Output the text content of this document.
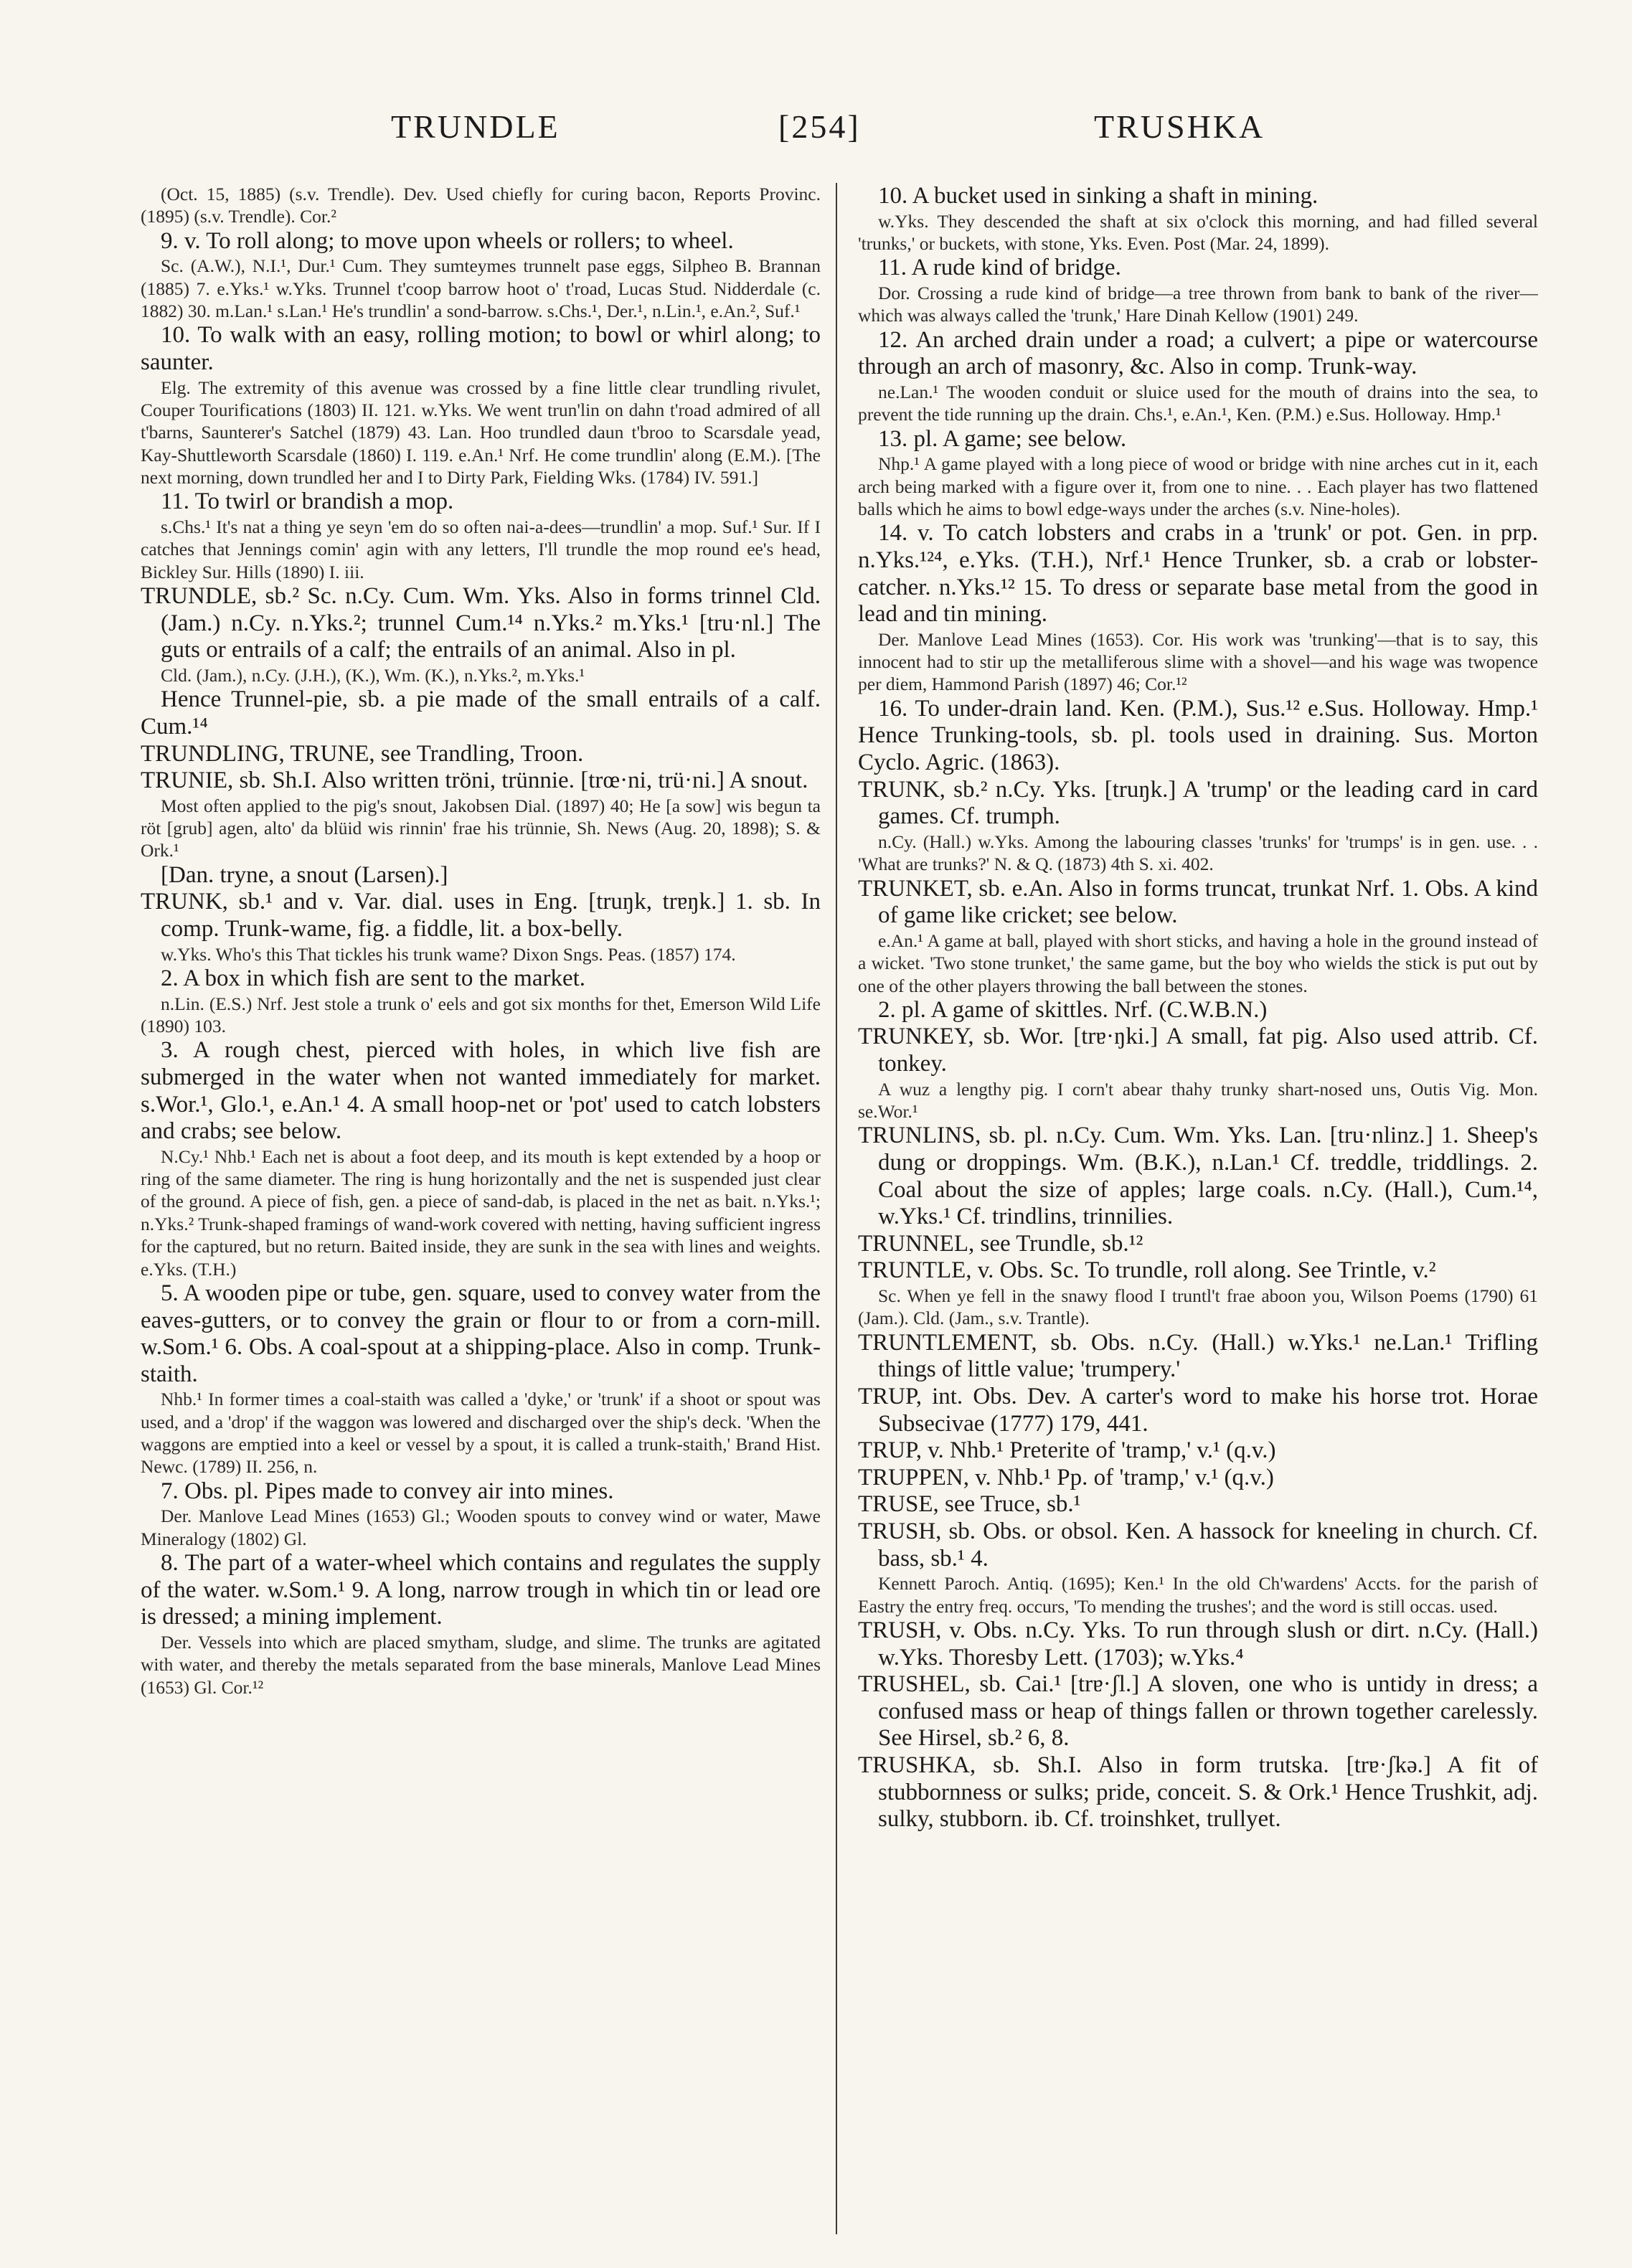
TRUNDLE	[254]	TRUSHKA

(Oct. 15, 1885) (s.v. Trendle). Dev. Used chiefly for curing bacon, Reports Provinc. (1895) (s.v. Trendle). Cor.²

9. v. To roll along; to move upon wheels or rollers; to wheel.

Sc. (A.W.), N.I.¹, Dur.¹ Cum. They sumteymes trunnelt pase eggs, Silpheo B. Brannan (1885) 7. e.Yks.¹ w.Yks. Trunnel t'coop barrow hoot o' t'road, Lucas Stud. Nidderdale (c. 1882) 30. m.Lan.¹ s.Lan.¹ He's trundlin' a sond-barrow. s.Chs.¹, Der.¹, n.Lin.¹, e.An.², Suf.¹

10. To walk with an easy, rolling motion; to bowl or whirl along; to saunter.

Elg. The extremity of this avenue was crossed by a fine little clear trundling rivulet, Couper Tourifications (1803) II. 121. w.Yks. We went trun'lin on dahn t'road admired of all t'barns, Saunterer's Satchel (1879) 43. Lan. Hoo trundled daun t'broo to Scarsdale yead, Kay-Shuttleworth Scarsdale (1860) I. 119. e.An.¹ Nrf. He come trundlin' along (E.M.). [The next morning, down trundled her and I to Dirty Park, Fielding Wks. (1784) IV. 591.]

11. To twirl or brandish a mop.

s.Chs.¹ It's nat a thing ye seyn 'em do so often nai-a-dees—trundlin' a mop. Suf.¹ Sur. If I catches that Jennings comin' agin with any letters, I'll trundle the mop round ee's head, Bickley Sur. Hills (1890) I. iii.

TRUNDLE, sb.² Sc. n.Cy. Cum. Wm. Yks. Also in forms trinnel Cld. (Jam.) n.Cy. n.Yks.²; trunnel Cum.¹⁴ n.Yks.² m.Yks.¹ [tru·nl.] The guts or entrails of a calf; the entrails of an animal. Also in pl.

Cld. (Jam.), n.Cy. (J.H.), (K.), Wm. (K.), n.Yks.², m.Yks.¹

Hence Trunnel-pie, sb. a pie made of the small entrails of a calf. Cum.¹⁴

TRUNDLING, TRUNE, see Trandling, Troon.

TRUNIE, sb. Sh.I. Also written tröni, trünnie. [trœ·ni, trü·ni.] A snout.

Most often applied to the pig's snout, Jakobsen Dial. (1897) 40; He [a sow] wis begun ta röt [grub] agen, alto' da blüid wis rinnin' frae his trünnie, Sh. News (Aug. 20, 1898); S. & Ork.¹

[Dan. tryne, a snout (Larsen).]

TRUNK, sb.¹ and v. Var. dial. uses in Eng. [truŋk, trɐŋk.] 1. sb. In comp. Trunk-wame, fig. a fiddle, lit. a box-belly.

w.Yks. Who's this That tickles his trunk wame? Dixon Sngs. Peas. (1857) 174.

2. A box in which fish are sent to the market.

n.Lin. (E.S.) Nrf. Jest stole a trunk o' eels and got six months for thet, Emerson Wild Life (1890) 103.

3. A rough chest, pierced with holes, in which live fish are submerged in the water when not wanted immediately for market. s.Wor.¹, Glo.¹, e.An.¹ 4. A small hoop-net or 'pot' used to catch lobsters and crabs; see below.

N.Cy.¹ Nhb.¹ Each net is about a foot deep, and its mouth is kept extended by a hoop or ring of the same diameter. The ring is hung horizontally and the net is suspended just clear of the ground. A piece of fish, gen. a piece of sand-dab, is placed in the net as bait. n.Yks.¹; n.Yks.² Trunk-shaped framings of wand-work covered with netting, having sufficient ingress for the captured, but no return. Baited inside, they are sunk in the sea with lines and weights. e.Yks. (T.H.)

5. A wooden pipe or tube, gen. square, used to convey water from the eaves-gutters, or to convey the grain or flour to or from a corn-mill. w.Som.¹ 6. Obs. A coal-spout at a shipping-place. Also in comp. Trunk-staith.

Nhb.¹ In former times a coal-staith was called a 'dyke,' or 'trunk' if a shoot or spout was used, and a 'drop' if the waggon was lowered and discharged over the ship's deck. 'When the waggons are emptied into a keel or vessel by a spout, it is called a trunk-staith,' Brand Hist. Newc. (1789) II. 256, n.

7. Obs. pl. Pipes made to convey air into mines.

Der. Manlove Lead Mines (1653) Gl.; Wooden spouts to convey wind or water, Mawe Mineralogy (1802) Gl.

8. The part of a water-wheel which contains and regulates the supply of the water. w.Som.¹ 9. A long, narrow trough in which tin or lead ore is dressed; a mining implement.

Der. Vessels into which are placed smytham, sludge, and slime. The trunks are agitated with water, and thereby the metals separated from the base minerals, Manlove Lead Mines (1653) Gl. Cor.¹²

10. A bucket used in sinking a shaft in mining.

w.Yks. They descended the shaft at six o'clock this morning, and had filled several 'trunks,' or buckets, with stone, Yks. Even. Post (Mar. 24, 1899).

11. A rude kind of bridge.

Dor. Crossing a rude kind of bridge—a tree thrown from bank to bank of the river—which was always called the 'trunk,' Hare Dinah Kellow (1901) 249.

12. An arched drain under a road; a culvert; a pipe or watercourse through an arch of masonry, &c. Also in comp. Trunk-way.

ne.Lan.¹ The wooden conduit or sluice used for the mouth of drains into the sea, to prevent the tide running up the drain. Chs.¹, e.An.¹, Ken. (P.M.) e.Sus. Holloway. Hmp.¹

13. pl. A game; see below.

Nhp.¹ A game played with a long piece of wood or bridge with nine arches cut in it, each arch being marked with a figure over it, from one to nine. . . Each player has two flattened balls which he aims to bowl edge-ways under the arches (s.v. Nine-holes).

14. v. To catch lobsters and crabs in a 'trunk' or pot. Gen. in prp. n.Yks.¹²⁴, e.Yks. (T.H.), Nrf.¹ Hence Trunker, sb. a crab or lobster-catcher. n.Yks.¹² 15. To dress or separate base metal from the good in lead and tin mining.

Der. Manlove Lead Mines (1653). Cor. His work was 'trunking'—that is to say, this innocent had to stir up the metalliferous slime with a shovel—and his wage was twopence per diem, Hammond Parish (1897) 46; Cor.¹²

16. To under-drain land. Ken. (P.M.), Sus.¹² e.Sus. Holloway. Hmp.¹ Hence Trunking-tools, sb. pl. tools used in draining. Sus. Morton Cyclo. Agric. (1863).

TRUNK, sb.² n.Cy. Yks. [truŋk.] A 'trump' or the leading card in card games. Cf. trumph.

n.Cy. (Hall.) w.Yks. Among the labouring classes 'trunks' for 'trumps' is in gen. use. . . 'What are trunks?' N. & Q. (1873) 4th S. xi. 402.

TRUNKET, sb. e.An. Also in forms truncat, trunkat Nrf. 1. Obs. A kind of game like cricket; see below.

e.An.¹ A game at ball, played with short sticks, and having a hole in the ground instead of a wicket. 'Two stone trunket,' the same game, but the boy who wields the stick is put out by one of the other players throwing the ball between the stones.

2. pl. A game of skittles. Nrf. (C.W.B.N.)

TRUNKEY, sb. Wor. [trɐ·ŋki.] A small, fat pig. Also used attrib. Cf. tonkey.

A wuz a lengthy pig. I corn't abear thahy trunky shart-nosed uns, Outis Vig. Mon. se.Wor.¹

TRUNLINS, sb. pl. n.Cy. Cum. Wm. Yks. Lan. [tru·nlinz.] 1. Sheep's dung or droppings. Wm. (B.K.), n.Lan.¹ Cf. treddle, triddlings. 2. Coal about the size of apples; large coals. n.Cy. (Hall.), Cum.¹⁴, w.Yks.¹ Cf. trindlins, trinnilies.

TRUNNEL, see Trundle, sb.¹²

TRUNTLE, v. Obs. Sc. To trundle, roll along. See Trintle, v.²

Sc. When ye fell in the snawy flood I truntl't frae aboon you, Wilson Poems (1790) 61 (Jam.). Cld. (Jam., s.v. Trantle).

TRUNTLEMENT, sb. Obs. n.Cy. (Hall.) w.Yks.¹ ne.Lan.¹ Trifling things of little value; 'trumpery.'

TRUP, int. Obs. Dev. A carter's word to make his horse trot. Horae Subsecivae (1777) 179, 441.

TRUP, v. Nhb.¹ Preterite of 'tramp,' v.¹ (q.v.)

TRUPPEN, v. Nhb.¹ Pp. of 'tramp,' v.¹ (q.v.)

TRUSE, see Truce, sb.¹

TRUSH, sb. Obs. or obsol. Ken. A hassock for kneeling in church. Cf. bass, sb.¹ 4.

Kennett Paroch. Antiq. (1695); Ken.¹ In the old Ch'wardens' Accts. for the parish of Eastry the entry freq. occurs, 'To mending the trushes'; and the word is still occas. used.

TRUSH, v. Obs. n.Cy. Yks. To run through slush or dirt. n.Cy. (Hall.) w.Yks. Thoresby Lett. (1703); w.Yks.⁴

TRUSHEL, sb. Cai.¹ [trɐ·ʃl.] A sloven, one who is untidy in dress; a confused mass or heap of things fallen or thrown together carelessly. See Hirsel, sb.² 6, 8.

TRUSHKA, sb. Sh.I. Also in form trutska. [trɐ·ʃkə.] A fit of stubbornness or sulks; pride, conceit. S. & Ork.¹ Hence Trushkit, adj. sulky, stubborn. ib. Cf. troinshket, trullyet.
